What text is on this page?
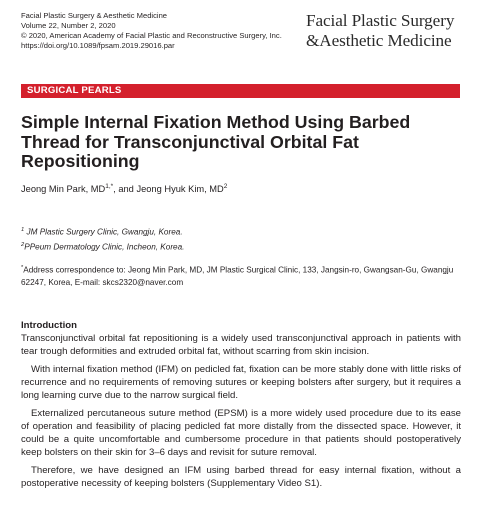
Facial Plastic Surgery & Aesthetic Medicine
Volume 22, Number 2, 2020
© 2020, American Academy of Facial Plastic and Reconstructive Surgery, Inc.
https://doi.org/10.1089/fpsam.2019.29016.par
Facial Plastic Surgery
&Aesthetic Medicine
SURGICAL PEARLS
Simple Internal Fixation Method Using Barbed Thread for Transconjunctival Orbital Fat Repositioning
Jeong Min Park, $MD^{1,*}$, and Jeong Hyuk Kim, $MD^2$
$^1$ JM Plastic Surgery Clinic, Gwangju, Korea.
$^2$PPeum Dermatology Clinic, Incheon, Korea.
*Address correspondence to: Jeong Min Park, MD, JM Plastic Surgical Clinic, 133, Jangsin-ro, Gwangsan-Gu, Gwangju 62247, Korea, E-mail: skcs2320@naver.com
Introduction

Transconjunctival orbital fat repositioning is a widely used transconjunctival approach in patients with tear trough deformities and extruded orbital fat, without scarring from skin incision.

With internal fixation method (IFM) on pedicled fat, fixation can be more stably done with little risks of recurrence and no requirements of removing sutures or keeping bolsters after surgery, but it requires a long learning curve due to the narrow surgical field.

Externalized percutaneous suture method (EPSM) is a more widely used procedure due to its ease of operation and feasibility of placing pedicled fat more distally from the dissected space. However, it could be a quite uncomfortable and cumbersome procedure in that patients should postoperatively keep bolsters on their skin for 3–6 days and revisit for suture removal.

Therefore, we have designed an IFM using barbed thread for easy internal fixation, without a postoperative necessity of keeping bolsters (Supplementary Video S1).
